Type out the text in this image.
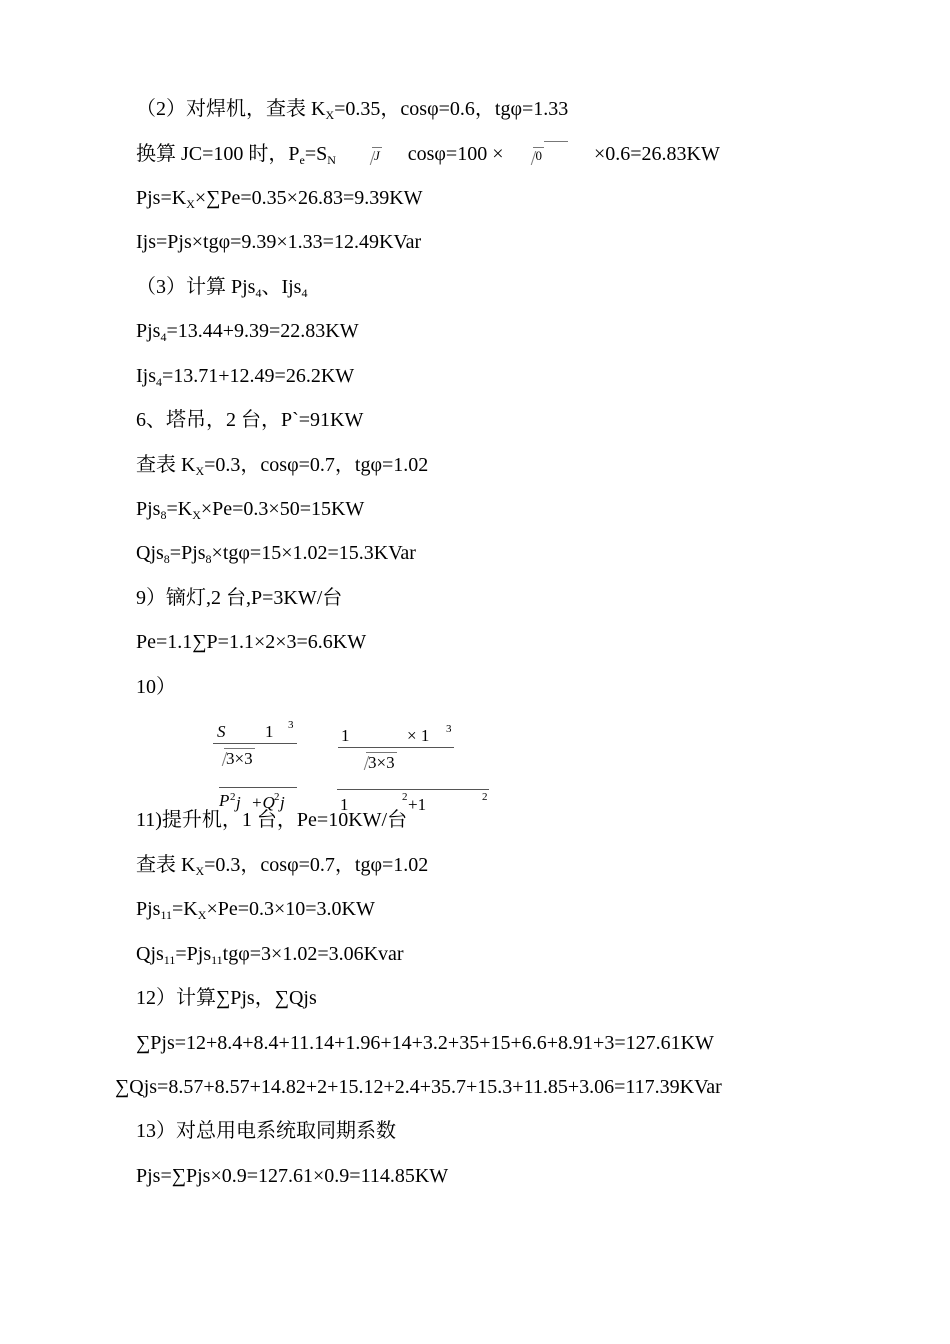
（2）对焊机，查表 $K_X=0.35$，cosφ=0.6，tgφ=1.33
换算 JC=100 时，$P_e=S_N$	J cosφ=100 × 0	×0.6=26.83KW
$Pjs=K_X\times\sum Pe=0.35\times 26.83=9.39KW$
Ijs=Pjs×tgφ=9.39×1.33=12.49KVar
（3）计算 Pjs$_4$、Ijs$_4$
Pjs$_4$=13.44+9.39=22.83KW
Ijs$_4$=13.71+12.49=26.2KW
6、塔吊，2 台，P`=91KW
查表 $K_X=0.3$，cosφ=0.7，tgφ=1.02
$Pjs_8=K_X\times Pe=0.3\times 50=15KW$
Qjs$_8$=Pjs$_8$×tgφ=15×1.02=15.3KVar
9）镝灯,2 台,P=3KW/台
Pe=1.1∑P=1.1×2×3=6.6KW
10）
S 1 3
3×3
1	× 1 3
3×3
P 2 j +Q 2 j	1	2 +1	2
11)提升机，1 台，Pe=10KW/台
查表 $K_X=0.3$，cosφ=0.7，tgφ=1.02
$Pjs_{11}=K_X\times Pe=0.3\times 10=3.0KW$
Qjs$_{11}$=Pjs$_{11}$tgφ=3×1.02=3.06Kvar
12）计算∑Pjs，∑Qjs
∑Pjs=12+8.4+8.4+11.14+1.96+14+3.2+35+15+6.6+8.91+3=127.61KW
∑Qjs=8.57+8.57+14.82+2+15.12+2.4+35.7+15.3+11.85+3.06=117.39KVar
13）对总用电系统取同期系数
Pjs=∑Pjs×0.9=127.61×0.9=114.85KW
